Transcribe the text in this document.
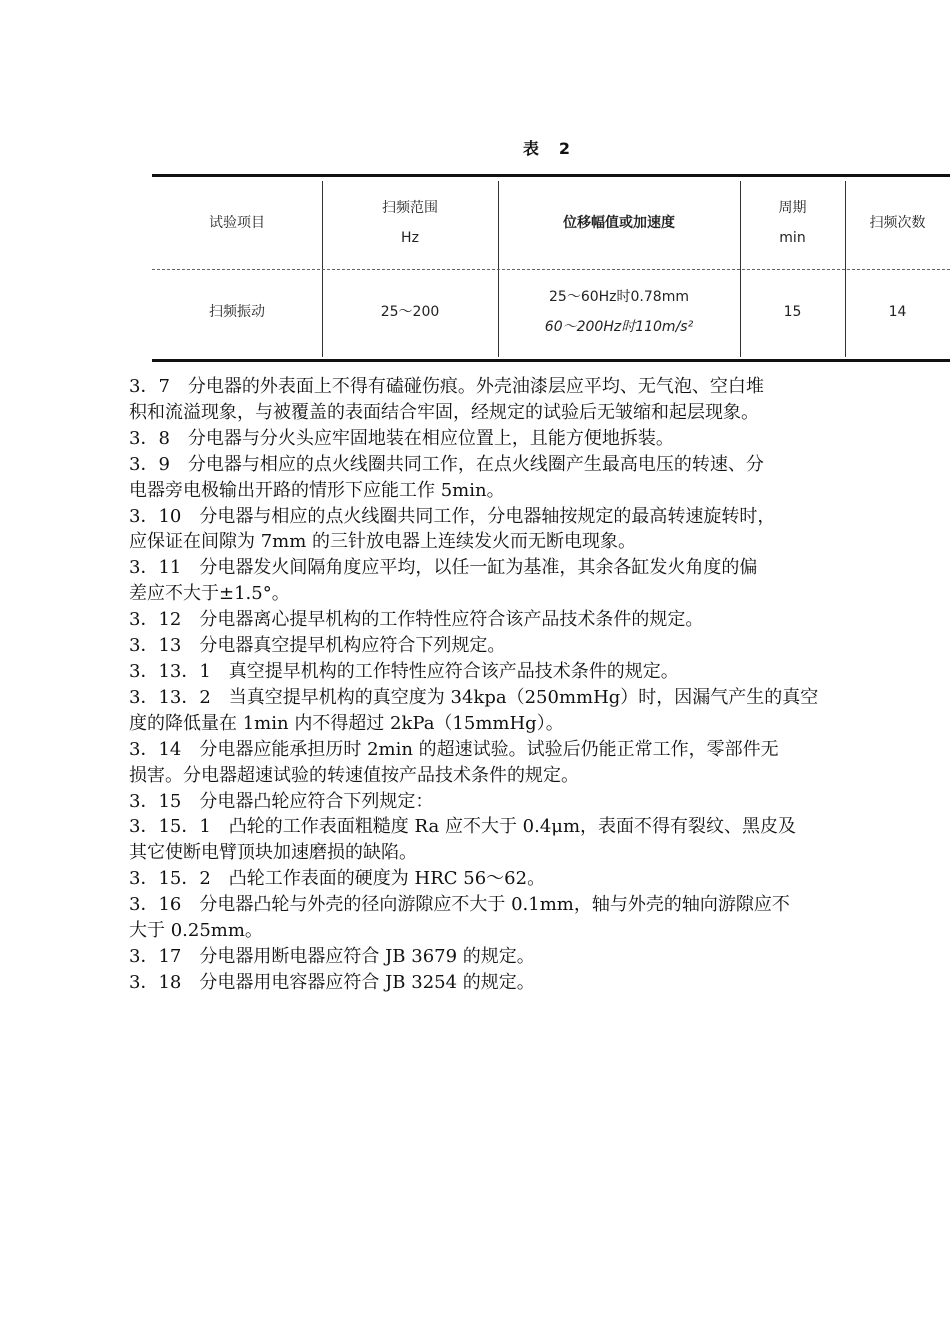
表　2
试验项目
扫频范围
Hz
位移幅值或加速度
周期
min
扫频次数
扫频振动	25～200
25～60Hz时0.78mm
60～200Hz时110m/s²
15	14

3．7　分电器的外表面上不得有磕碰伤痕。外壳油漆层应平均、无气泡、空白堆

积和流溢现象，与被覆盖的表面结合牢固，经规定的试验后无皱缩和起层现象。

3．8　分电器与分火头应牢固地装在相应位置上，且能方便地拆装。

3．9　分电器与相应的点火线圈共同工作，在点火线圈产生最高电压的转速、分

电器旁电极输出开路的情形下应能工作 5min。

3．10　分电器与相应的点火线圈共同工作，分电器轴按规定的最高转速旋转时，

应保证在间隙为 7mm 的三针放电器上连续发火而无断电现象。

3．11　分电器发火间隔角度应平均，以任一缸为基准，其余各缸发火角度的偏

差应不大于±1.5°。

3．12　分电器离心提早机构的工作特性应符合该产品技术条件的规定。

3．13　分电器真空提早机构应符合下列规定。

3．13．1　真空提早机构的工作特性应符合该产品技术条件的规定。

3．13．2　当真空提早机构的真空度为 34kpa（250mmHg）时，因漏气产生的真空

度的降低量在 1min 内不得超过 2kPa（15mmHg）。

3．14　分电器应能承担历时 2min 的超速试验。试验后仍能正常工作，零部件无

损害。分电器超速试验的转速值按产品技术条件的规定。

3．15　分电器凸轮应符合下列规定：

3．15．1　凸轮的工作表面粗糙度 Ra 应不大于 0.4μm，表面不得有裂纹、黑皮及

其它使断电臂顶块加速磨损的缺陷。

3．15．2　凸轮工作表面的硬度为 HRC 56～62。

3．16　分电器凸轮与外壳的径向游隙应不大于 0.1mm，轴与外壳的轴向游隙应不

大于 0.25mm。

3．17　分电器用断电器应符合 JB 3679 的规定。

3．18　分电器用电容器应符合 JB 3254 的规定。
